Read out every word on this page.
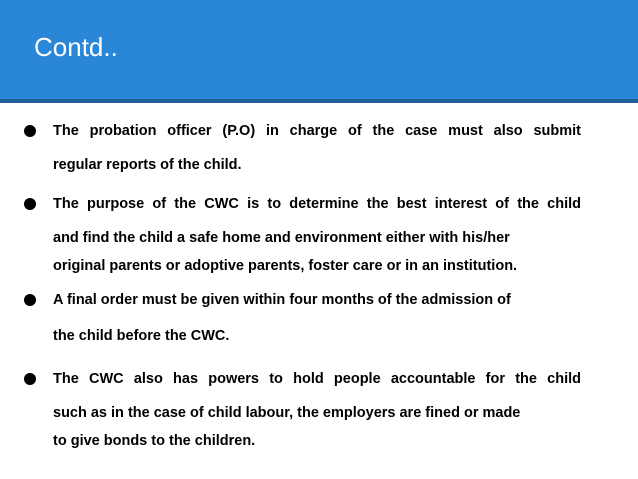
Contd..
The probation officer (P.O) in charge of the case must also submit
regular reports of the child.
The purpose of the CWC is to determine the best interest of the child
and find the child a safe home and environment either with his/her
original parents or adoptive parents, foster care or in an institution.
A final order must be given within four months of the admission of
the child before the CWC.
The CWC also has powers to hold people accountable for the child
such as in the case of child labour, the employers are fined or made
to give bonds to the children.
